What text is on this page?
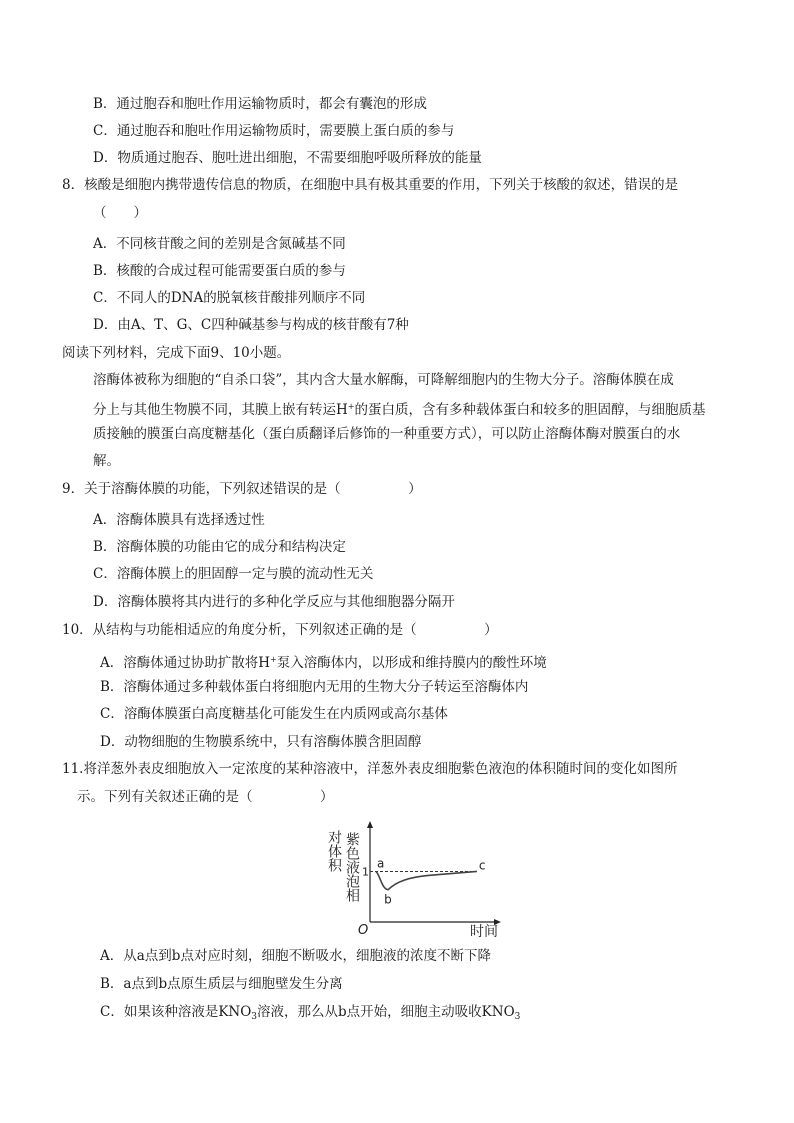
B．通过胞吞和胞吐作用运输物质时，都会有囊泡的形成
C．通过胞吞和胞吐作用运输物质时，需要膜上蛋白质的参与
D．物质通过胞吞、胞吐进出细胞，不需要细胞呼吸所释放的能量
8．核酸是细胞内携带遗传信息的物质，在细胞中具有极其重要的作用，下列关于核酸的叙述，错误的是
（　　）
A．不同核苷酸之间的差别是含氮碱基不同
B．核酸的合成过程可能需要蛋白质的参与
C．不同人的DNA的脱氧核苷酸排列顺序不同
D．由A、T、G、C四种碱基参与构成的核苷酸有7种
阅读下列材料，完成下面9、10小题。
溶酶体被称为细胞的“自杀口袋”，其内含大量水解酶，可降解细胞内的生物大分子。溶酶体膜在成
分上与其他生物膜不同，其膜上嵌有转运H+的蛋白质，含有多种载体蛋白和较多的胆固醇，与细胞质基
质接触的膜蛋白高度糖基化（蛋白质翻译后修饰的一种重要方式），可以防止溶酶体酶对膜蛋白的水
解。
9．关于溶酶体膜的功能，下列叙述错误的是（　　　　　）
A．溶酶体膜具有选择透过性
B．溶酶体膜的功能由它的成分和结构决定
C．溶酶体膜上的胆固醇一定与膜的流动性无关
D．溶酶体膜将其内进行的多种化学反应与其他细胞器分隔开
10．从结构与功能相适应的角度分析，下列叙述正确的是（　　　　　）
A．溶酶体通过协助扩散将H+泵入溶酶体内，以形成和维持膜内的酸性环境
B．溶酶体通过多种载体蛋白将细胞内无用的生物大分子转运至溶酶体内
C．溶酶体膜蛋白高度糖基化可能发生在内质网或高尔基体
D．动物细胞的生物膜系统中，只有溶酶体膜含胆固醇
11.将洋葱外表皮细胞放入一定浓度的某种溶液中，洋葱外表皮细胞紫色液泡的体积随时间的变化如图所
示。下列有关叙述正确的是（　　　　　）
对体积 紫色液泡相
时间
O
1
a
b
c
A．从a点到b点对应时刻，细胞不断吸水，细胞液的浓度不断下降
B．a点到b点原生质层与细胞壁发生分离
C．如果该种溶液是$KNO_3$溶液，那么从b点开始，细胞主动吸收$KNO_3$
